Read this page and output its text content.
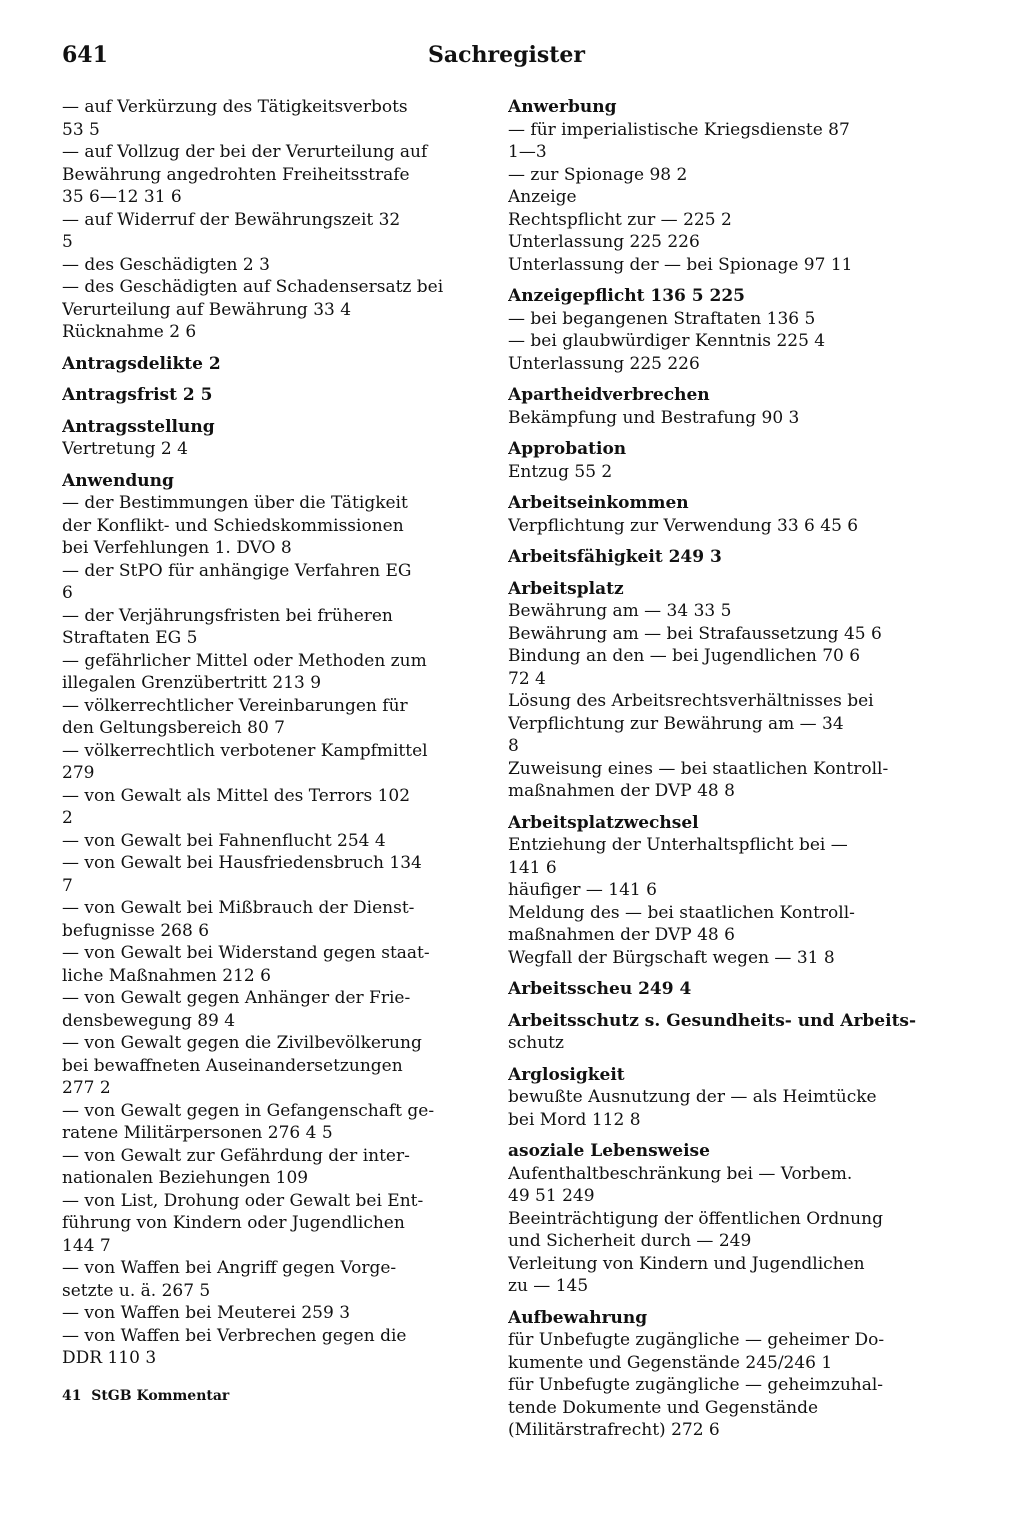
641	Sachregister
— auf Verkürzung des Tätigkeitsverbots
53 5
— auf Vollzug der bei der Verurteilung auf
Bewährung angedrohten Freiheitsstrafe
35 6—12 31 6
— auf Widerruf der Bewährungszeit 32
5
— des Geschädigten 2 3
— des Geschädigten auf Schadensersatz bei
Verurteilung auf Bewährung 33 4
Rücknahme 2 6
Antragsdelikte 2
Antragsfrist 2 5
Antragsstellung
Vertretung 2 4
Anwendung
— der Bestimmungen über die Tätigkeit
der Konflikt- und Schiedskommissionen
bei Verfehlungen 1. DVO 8
— der StPO für anhängige Verfahren EG
6
— der Verjährungsfristen bei früheren
Straftaten EG 5
— gefährlicher Mittel oder Methoden zum
illegalen Grenzübertritt 213 9
— völkerrechtlicher Vereinbarungen für
den Geltungsbereich 80 7
— völkerrechtlich verbotener Kampfmittel
279
— von Gewalt als Mittel des Terrors 102
2
— von Gewalt bei Fahnenflucht 254 4
— von Gewalt bei Hausfriedensbruch 134
7
— von Gewalt bei Mißbrauch der Dienst-
befugnisse 268 6
— von Gewalt bei Widerstand gegen staat-
liche Maßnahmen 212 6
— von Gewalt gegen Anhänger der Frie-
densbewegung 89 4
— von Gewalt gegen die Zivilbevölkerung
bei bewaffneten Auseinandersetzungen
277 2
— von Gewalt gegen in Gefangenschaft ge-
ratene Militärpersonen 276 4 5
— von Gewalt zur Gefährdung der inter-
nationalen Beziehungen 109
— von List, Drohung oder Gewalt bei Ent-
führung von Kindern oder Jugendlichen
144 7
— von Waffen bei Angriff gegen Vorge-
setzte u. ä. 267 5
— von Waffen bei Meuterei 259 3
— von Waffen bei Verbrechen gegen die
DDR 110 3
Anwerbung
— für imperialistische Kriegsdienste 87
1—3
— zur Spionage 98 2
Anzeige
Rechtspflicht zur — 225 2
Unterlassung 225 226
Unterlassung der — bei Spionage 97 11
Anzeigepflicht 136 5 225
— bei begangenen Straftaten 136 5
— bei glaubwürdiger Kenntnis 225 4
Unterlassung 225 226
Apartheidverbrechen
Bekämpfung und Bestrafung 90 3
Approbation
Entzug 55 2
Arbeitseinkommen
Verpflichtung zur Verwendung 33 6 45 6
Arbeitsfähigkeit 249 3
Arbeitsplatz
Bewährung am — 34 33 5
Bewährung am — bei Strafaussetzung 45 6
Bindung an den — bei Jugendlichen 70 6
72 4
Lösung des Arbeitsrechtsverhältnisses bei
Verpflichtung zur Bewährung am — 34
8
Zuweisung eines — bei staatlichen Kontroll-
maßnahmen der DVP 48 8
Arbeitsplatzwechsel
Entziehung der Unterhaltspflicht bei —
141 6
häufiger — 141 6
Meldung des — bei staatlichen Kontroll-
maßnahmen der DVP 48 6
Wegfall der Bürgschaft wegen — 31 8
Arbeitsscheu 249 4
Arbeitsschutz s. Gesundheits- und Arbeits-
schutz
Arglosigkeit
bewußte Ausnutzung der — als Heimtücke
bei Mord 112 8
asoziale Lebensweise
Aufenthaltbeschränkung bei — Vorbem.
49 51 249
Beeinträchtigung der öffentlichen Ordnung
und Sicherheit durch — 249
Verleitung von Kindern und Jugendlichen
zu — 145
Aufbewahrung
für Unbefugte zugängliche — geheimer Do-
kumente und Gegenstände 245/246 1
für Unbefugte zugängliche — geheimzuhal-
tende Dokumente und Gegenstände
(Militärstrafrecht) 272 6
41 StGB Kommentar
